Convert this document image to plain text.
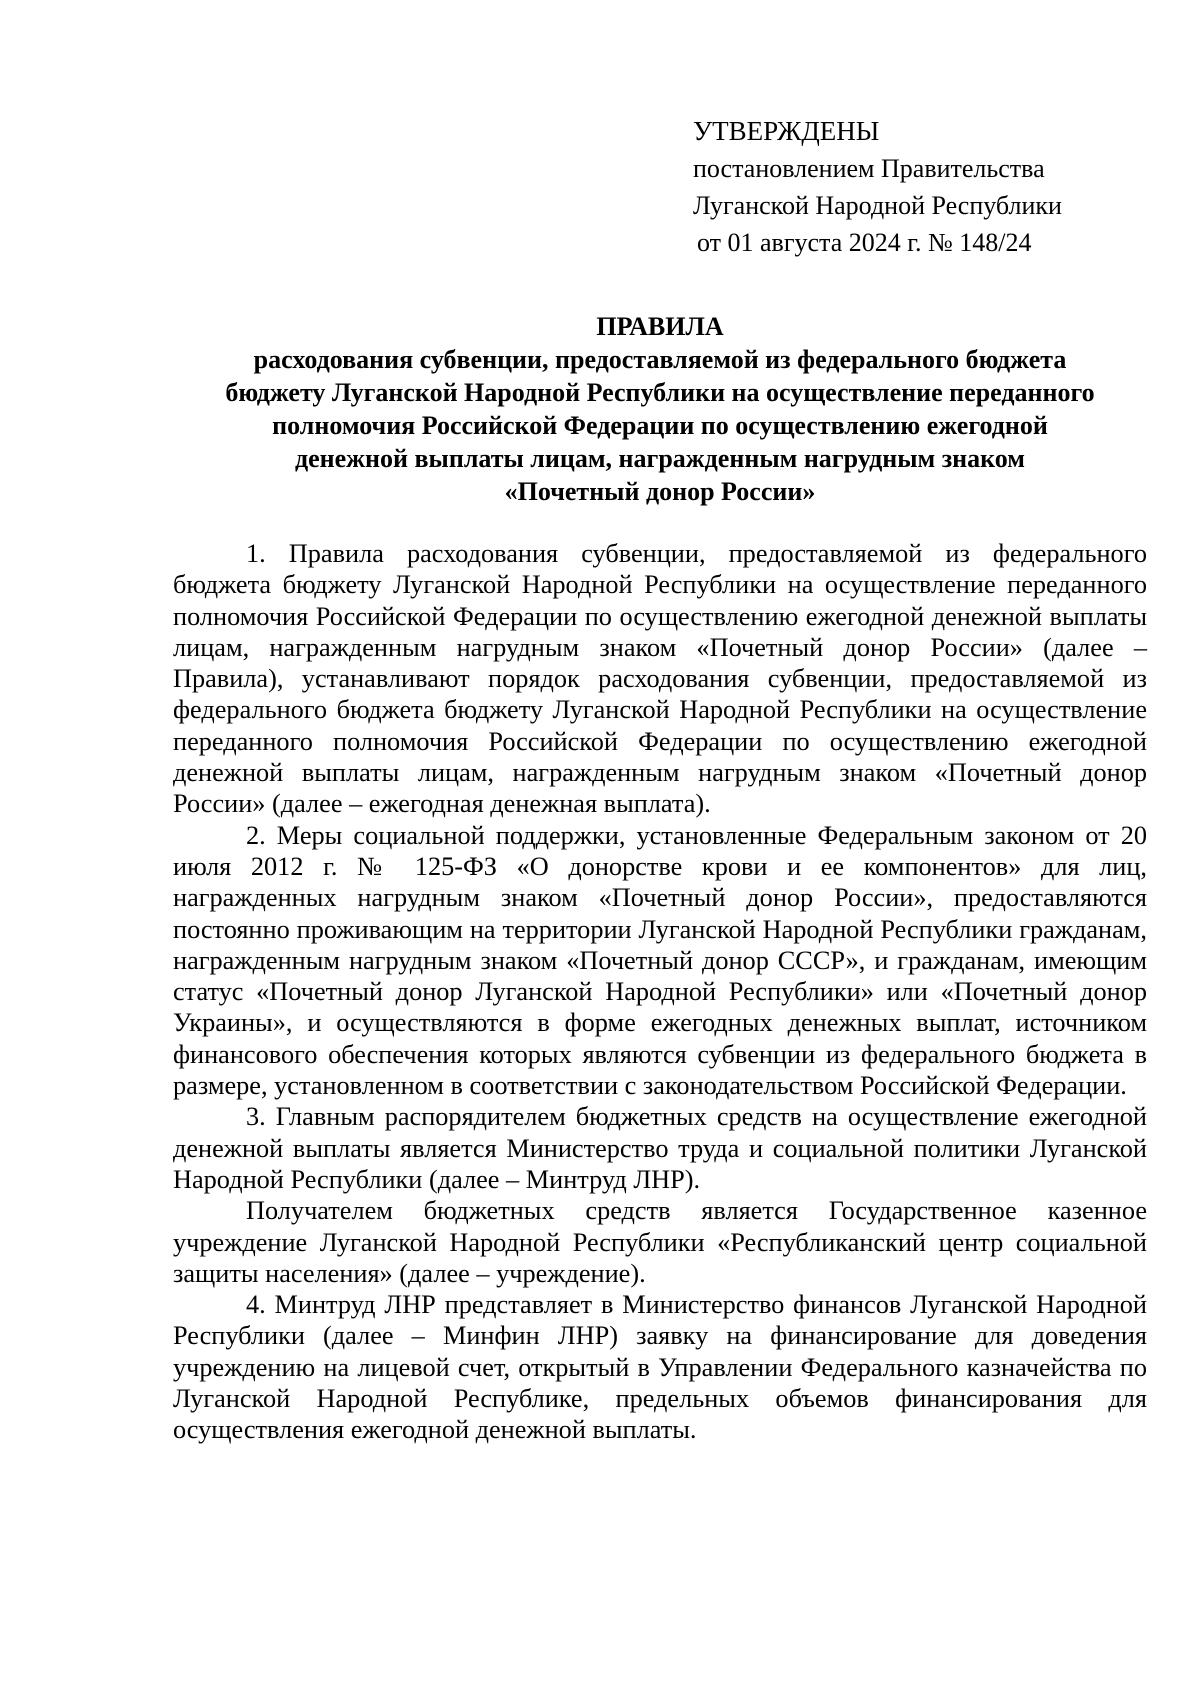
УТВЕРЖДЕНЫ
постановлением Правительства
Луганской Народной Республики
от 01 августа 2024 г. № 148/24
ПРАВИЛА
расходования субвенции, предоставляемой из федерального бюджета
бюджету Луганской Народной Республики на осуществление переданного
полномочия Российской Федерации по осуществлению ежегодной
денежной выплаты лицам, награжденным нагрудным знаком
«Почетный донор России»

1. Правила расходования субвенции, предоставляемой из федерального бюджета бюджету Луганской Народной Республики на осуществление переданного полномочия Российской Федерации по осуществлению ежегодной денежной выплаты лицам, награжденным нагрудным знаком «Почетный донор России» (далее – Правила), устанавливают порядок расходования субвенции, предоставляемой из федерального бюджета бюджету Луганской Народной Республики на осуществление переданного полномочия Российской Федерации по осуществлению ежегодной денежной выплаты лицам, награжденным нагрудным знаком «Почетный донор России» (далее – ежегодная денежная выплата).

2. Меры социальной поддержки, установленные Федеральным законом от 20 июля 2012 г. № 125-ФЗ «О донорстве крови и ее компонентов» для лиц, награжденных нагрудным знаком «Почетный донор России», предоставляются постоянно проживающим на территории Луганской Народной Республики гражданам, награжденным нагрудным знаком «Почетный донор СССР», и гражданам, имеющим статус «Почетный донор Луганской Народной Республики» или «Почетный донор Украины», и осуществляются в форме ежегодных денежных выплат, источником финансового обеспечения которых являются субвенции из федерального бюджета в размере, установленном в соответствии с законодательством Российской Федерации.

3. Главным распорядителем бюджетных средств на осуществление ежегодной денежной выплаты является Министерство труда и социальной политики Луганской Народной Республики (далее – Минтруд ЛНР).

Получателем бюджетных средств является Государственное казенное учреждение Луганской Народной Республики «Республиканский центр социальной защиты населения» (далее – учреждение).

4. Минтруд ЛНР представляет в Министерство финансов Луганской Народной Республики (далее – Минфин ЛНР) заявку на финансирование для доведения учреждению на лицевой счет, открытый в Управлении Федерального казначейства по Луганской Народной Республике, предельных объемов финансирования для осуществления ежегодной денежной выплаты.
